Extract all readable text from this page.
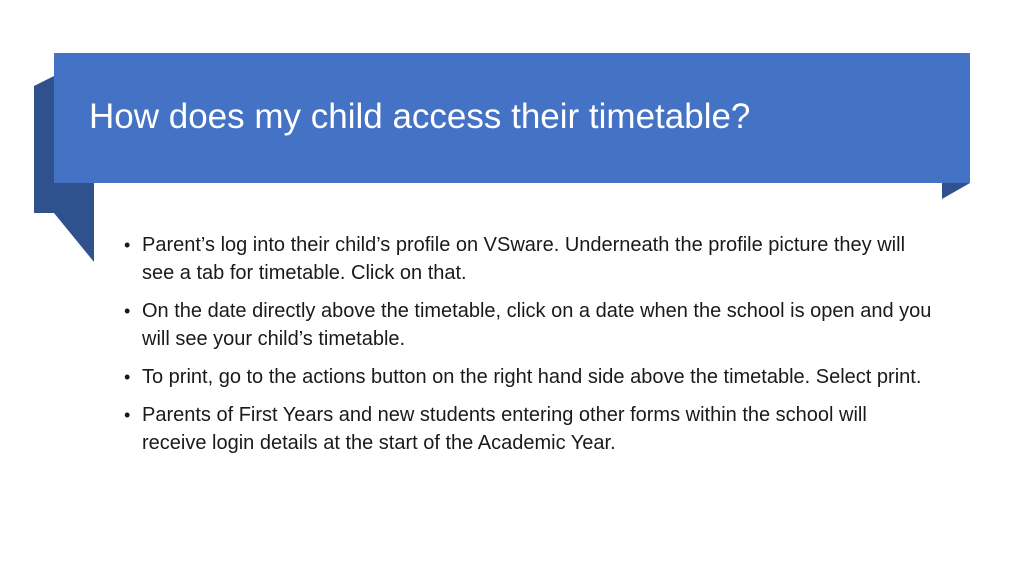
How does my child access their timetable?
• Parent’s log into their child’s profile on VSware. Underneath the profile picture they will see a tab for timetable. Click on that.
• On the date directly above the timetable, click on a date when the school is open and you will see your child’s timetable.
• To print, go to the actions button on the right hand side above the timetable. Select print.
• Parents of First Years and new students entering other forms within the school will receive login details at the start of the Academic Year.
